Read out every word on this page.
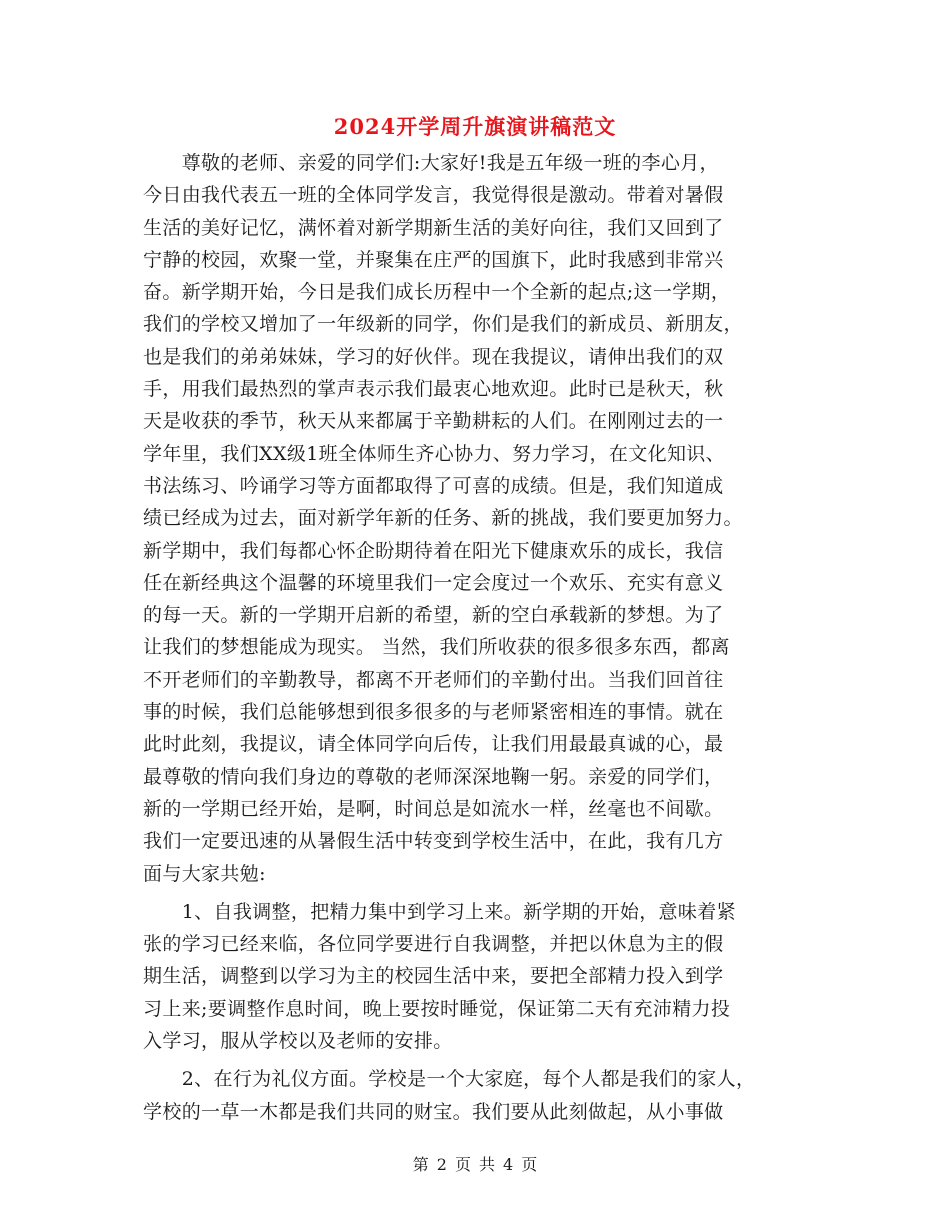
2024开学周升旗演讲稿范文
　　尊敬的老师、亲爱的同学们:大家好!我是五年级一班的李心月，
今日由我代表五一班的全体同学发言，我觉得很是激动。带着对暑假
生活的美好记忆，满怀着对新学期新生活的美好向往，我们又回到了
宁静的校园，欢聚一堂，并聚集在庄严的国旗下，此时我感到非常兴
奋。新学期开始，今日是我们成长历程中一个全新的起点;这一学期，
我们的学校又增加了一年级新的同学，你们是我们的新成员、新朋友，
也是我们的弟弟妹妹，学习的好伙伴。现在我提议，请伸出我们的双
手，用我们最热烈的掌声表示我们最衷心地欢迎。此时已是秋天，秋
天是收获的季节，秋天从来都属于辛勤耕耘的人们。在刚刚过去的一
学年里，我们XX级1班全体师生齐心协力、努力学习，在文化知识、
书法练习、吟诵学习等方面都取得了可喜的成绩。但是，我们知道成
绩已经成为过去，面对新学年新的任务、新的挑战，我们要更加努力。
新学期中，我们每都心怀企盼期待着在阳光下健康欢乐的成长，我信
任在新经典这个温馨的环境里我们一定会度过一个欢乐、充实有意义
的每一天。新的一学期开启新的希望，新的空白承载新的梦想。为了
让我们的梦想能成为现实。 当然，我们所收获的很多很多东西，都离
不开老师们的辛勤教导，都离不开老师们的辛勤付出。当我们回首往
事的时候，我们总能够想到很多很多的与老师紧密相连的事情。就在
此时此刻，我提议，请全体同学向后传，让我们用最最真诚的心，最
最尊敬的情向我们身边的尊敬的老师深深地鞠一躬。亲爱的同学们，
新的一学期已经开始，是啊，时间总是如流水一样，丝毫也不间歇。
我们一定要迅速的从暑假生活中转变到学校生活中，在此，我有几方
面与大家共勉:
　　1、自我调整，把精力集中到学习上来。新学期的开始，意味着紧
张的学习已经来临，各位同学要进行自我调整，并把以休息为主的假
期生活，调整到以学习为主的校园生活中来，要把全部精力投入到学
习上来;要调整作息时间，晚上要按时睡觉，保证第二天有充沛精力投
入学习，服从学校以及老师的安排。
　　2、在行为礼仪方面。学校是一个大家庭，每个人都是我们的家人，
学校的一草一木都是我们共同的财宝。我们要从此刻做起，从小事做
第 2 页 共 4 页
